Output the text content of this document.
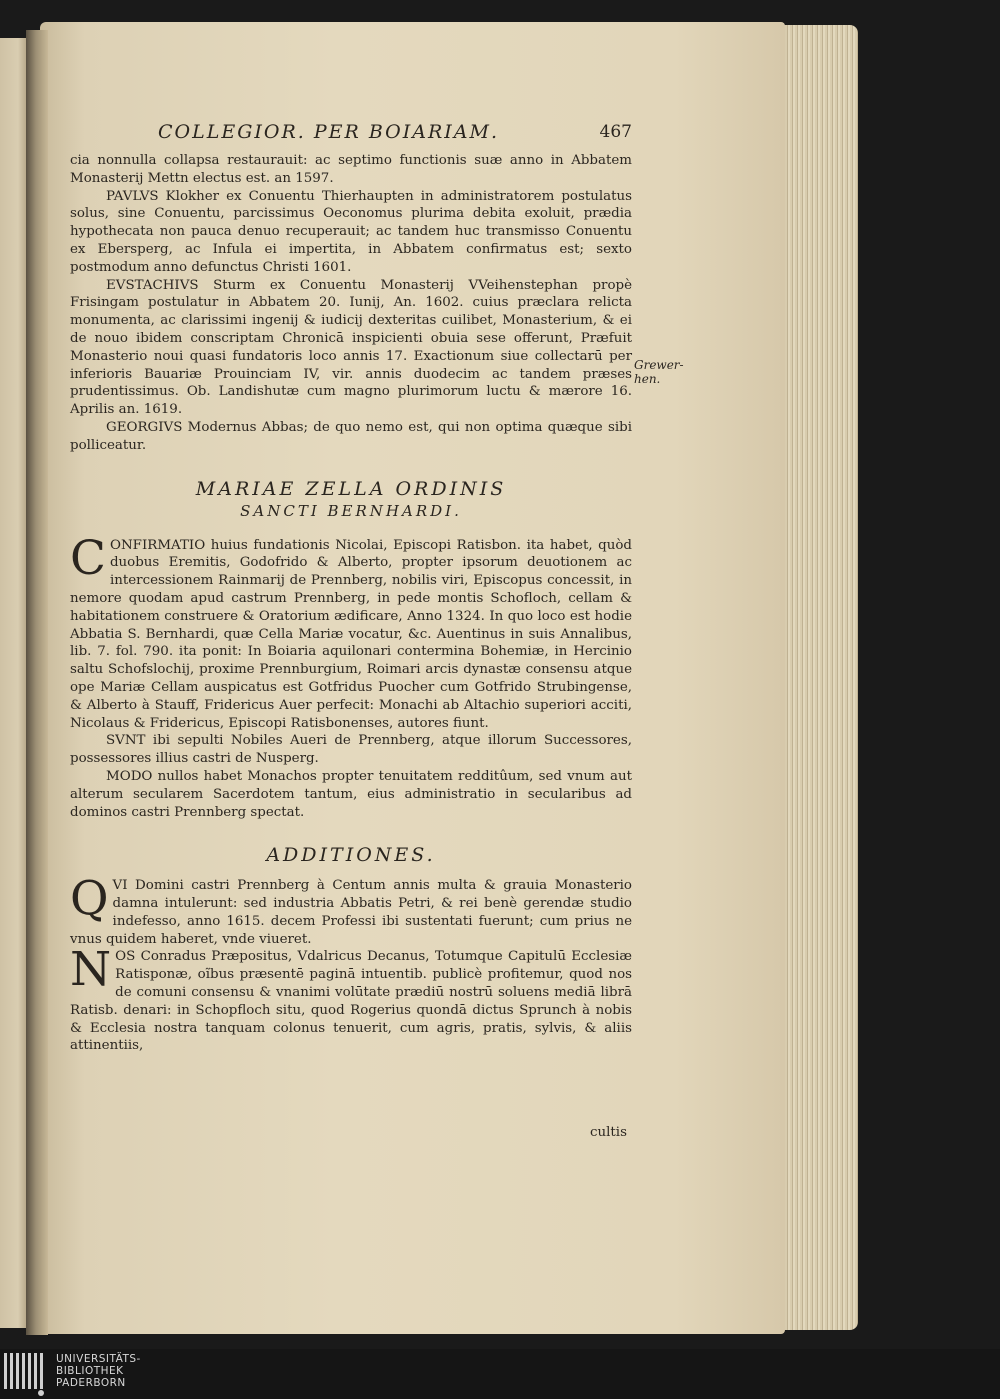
COLLEGIOR. PER BOIARIAM.	467

cia nonnulla collapsa restaurauit: ac septimo functionis suæ anno in Abbatem Monasterij Mettn electus est. an 1597.

PAVLVS Klokher ex Conuentu Thierhaupten in administratorem postulatus solus, sine Conuentu, parcissimus Oeconomus plurima debita exoluit, prædia hypothecata non pauca denuo recuperauit; ac tandem huc transmisso Conuentu ex Ebersperg, ac Infula ei impertita, in Abbatem confirmatus est; sexto postmodum anno defunctus Christi 1601.

EVSTACHIVS Sturm ex Conuentu Monasterij VVeihenstephan propè Frisingam postulatur in Abbatem 20. Iunij, An. 1602. cuius præclara relicta monumenta, ac clarissimi ingenij & iudicij dexteritas cuilibet, Monasterium, & ei de nouo ibidem conscriptam Chronicā inspicienti obuia sese offerunt, Præfuit Monasterio noui quasi fundatoris loco annis 17. Exactionum siue collectarū per inferioris Bauariæ Prouinciam IV, vir. annis duodecim ac tandem præses prudentissimus. Ob. Landishutæ cum magno plurimorum luctu & mærore 16. Aprilis an. 1619.

GEORGIVS Modernus Abbas; de quo nemo est, qui non optima quæque sibi polliceatur.

MARIAE ZELLA ORDINIS
SANCTI BERNHARDI.

CONFIRMATIO huius fundationis Nicolai, Episcopi Ratisbon. ita habet, quòd duobus Eremitis, Godofrido & Alberto, propter ipsorum deuotionem ac intercessionem Rainmarij de Prennberg, nobilis viri, Episcopus concessit, in nemore quodam apud castrum Prennberg, in pede montis Schofloch, cellam & habitationem construere & Oratorium ædificare, Anno 1324. In quo loco est hodie Abbatia S. Bernhardi, quæ Cella Mariæ vocatur, &c. Auentinus in suis Annalibus, lib. 7. fol. 790. ita ponit: In Boiaria aquilonari contermina Bohemiæ, in Hercinio saltu Schofslochij, proxime Prennburgium, Roimari arcis dynastæ consensu atque ope Mariæ Cellam auspicatus est Gotfridus Puocher cum Gotfrido Strubingense, & Alberto à Stauff, Fridericus Auer perfecit: Monachi ab Altachio superiori acciti, Nicolaus & Fridericus, Episcopi Ratisbonenses, autores fiunt.

SVNT ibi sepulti Nobiles Aueri de Prennberg, atque illorum Successores, possessores illius castri de Nusperg.

MODO nullos habet Monachos propter tenuitatem redditûum, sed vnum aut alterum secularem Sacerdotem tantum, eius administratio in secularibus ad dominos castri Prennberg spectat.

ADDITIONES.

QVI Domini castri Prennberg à Centum annis multa & grauia Monasterio damna intulerunt: sed industria Abbatis Petri, & rei benè gerendæ studio indefesso, anno 1615. decem Professi ibi sustentati fuerunt; cum prius ne vnus quidem haberet, vnde viueret.

NOS Conradus Præpositus, Vdalricus Decanus, Totumque Capitulū Ecclesiæ Ratisponæ, oĩbus præsentē paginā intuentib. publicè profitemur, quod nos de comuni consensu & vnanimi volūtate prædiū nostrū soluens mediā librā Ratisb. denari: in Schopfloch situ, quod Rogerius quondā dictus Sprunch à nobis & Ecclesia nostra tanquam colonus tenuerit, cum agris, pratis, sylvis, & aliis attinentiis,

Grewer-hen.
cultis
UNIVERSITÄTS-
BIBLIOTHEK
PADERBORN
